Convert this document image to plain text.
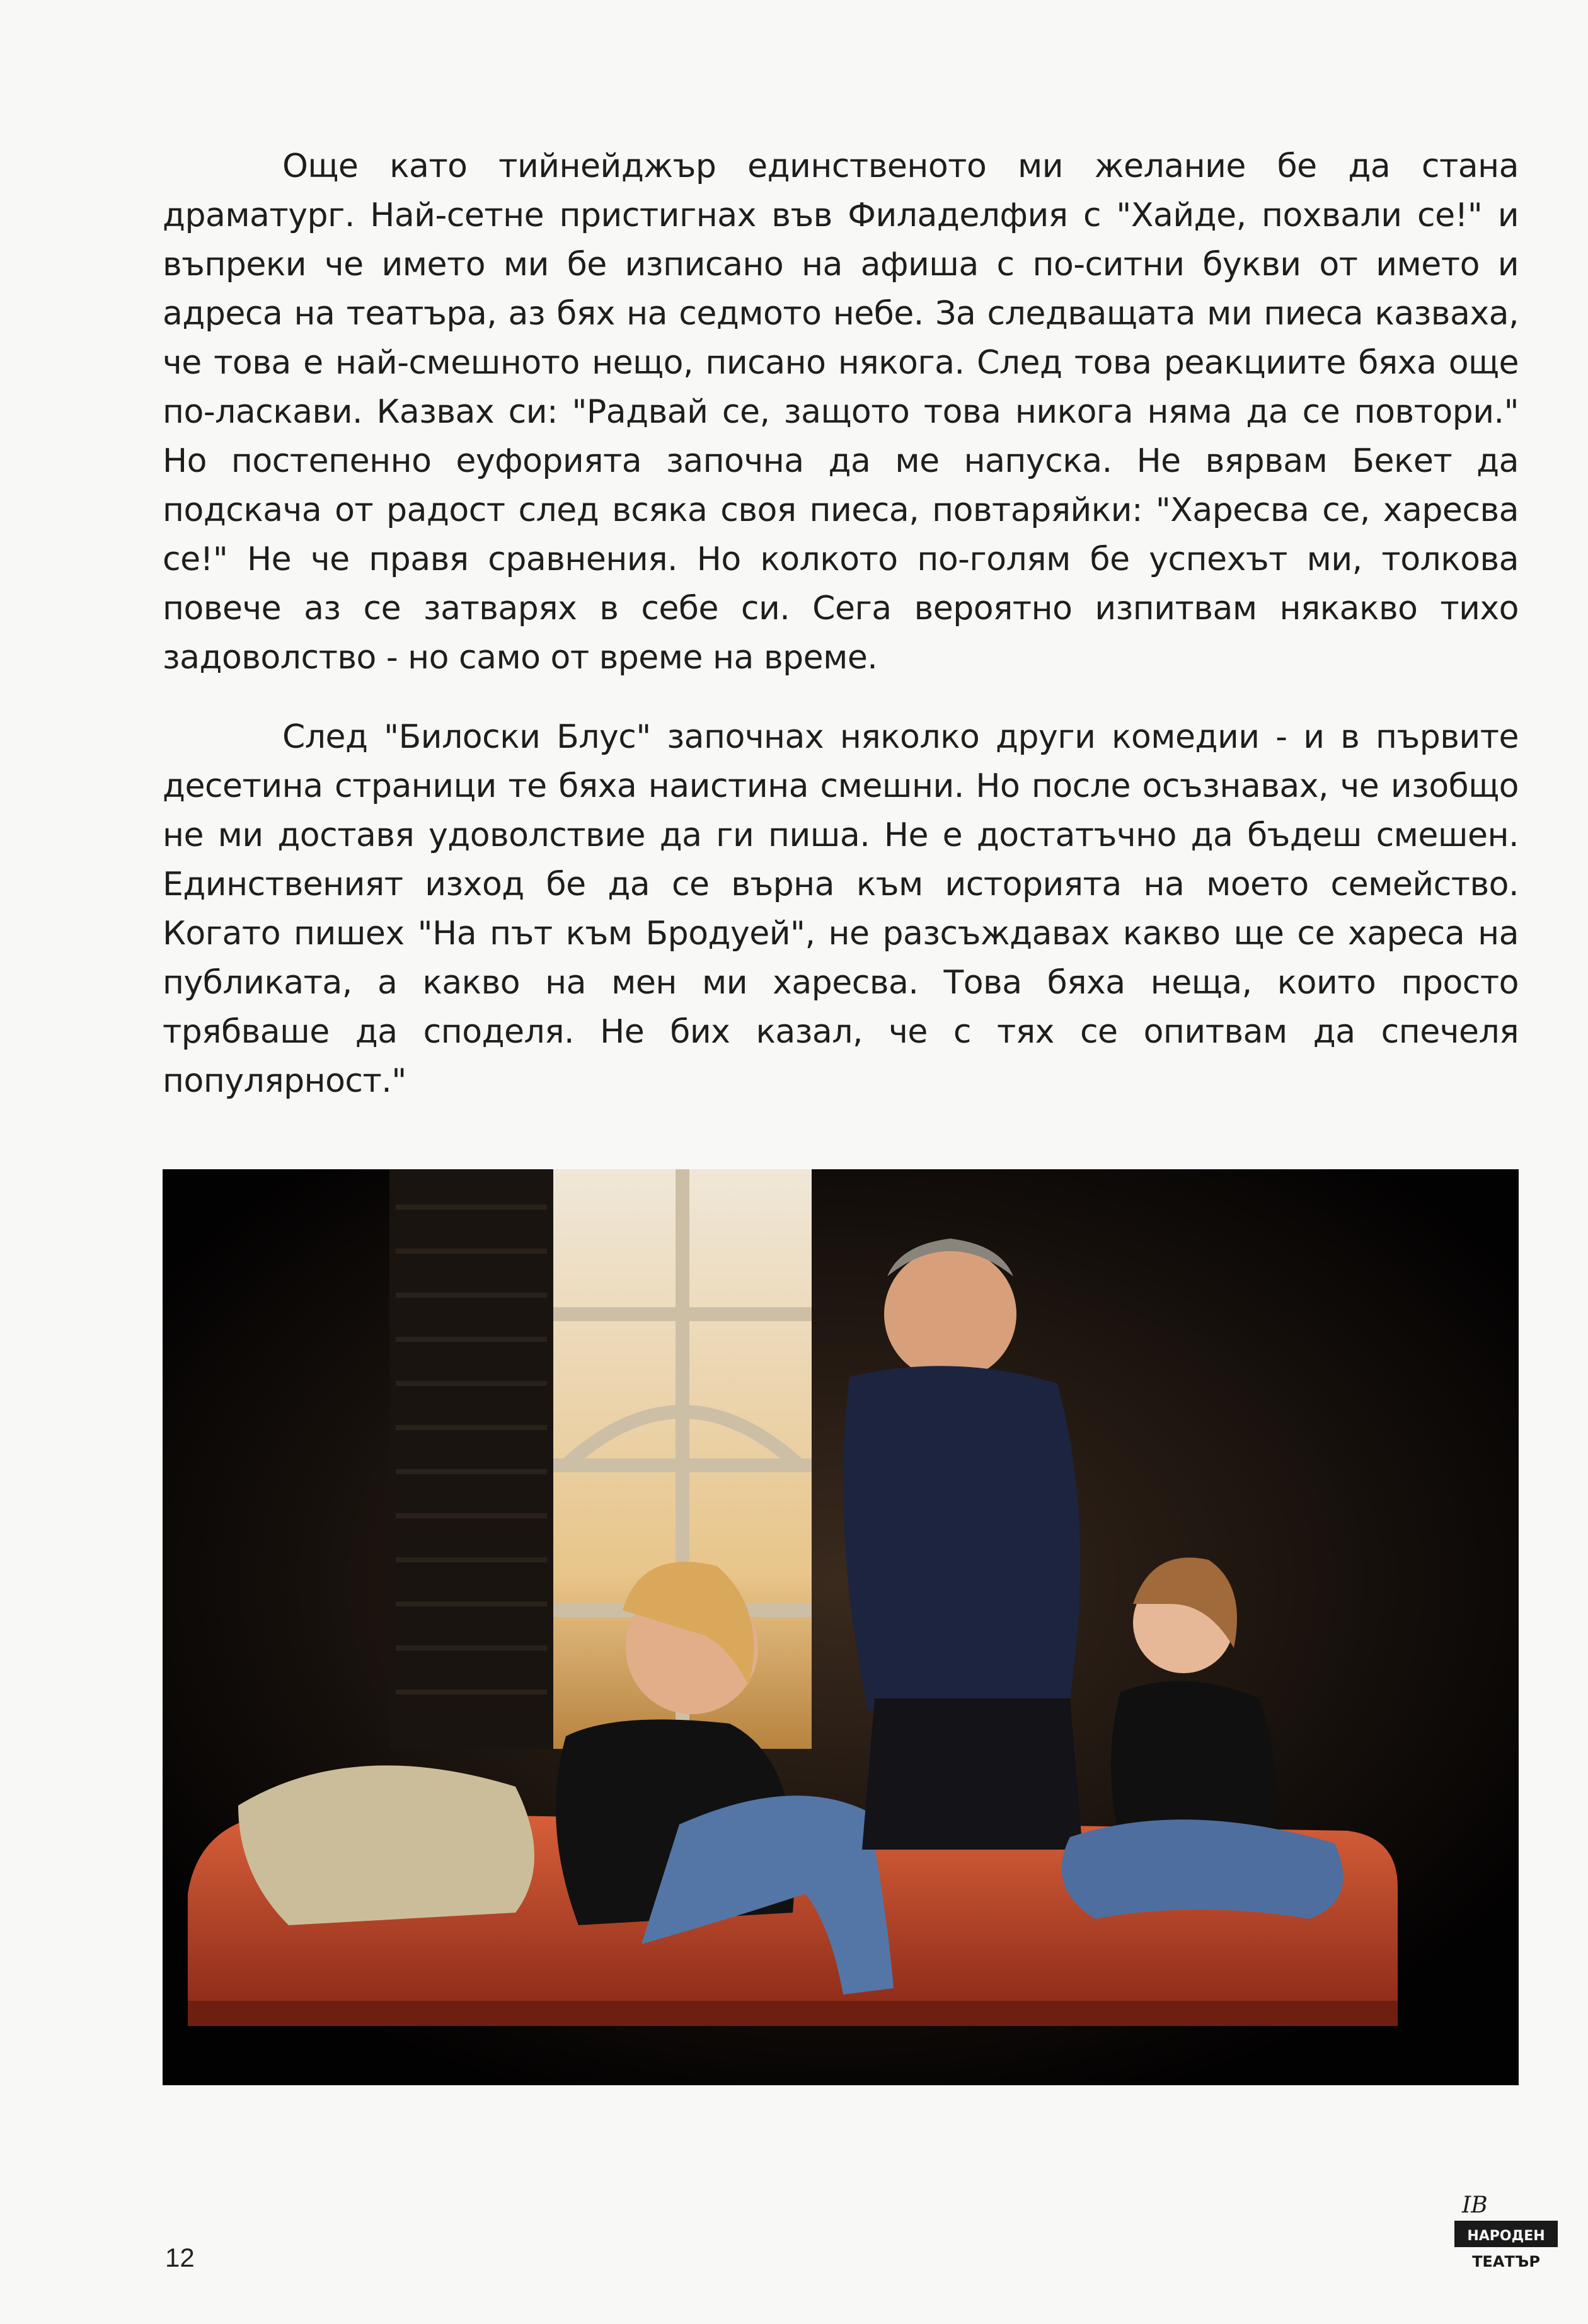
Още като тийнейджър единственото ми желание бе да стана драматург. Най-сетне пристигнах във Филаделфия с "Хайде, похвали се!" и въпреки че името ми бе изписано на афиша с по-ситни букви от името и адреса на театъра, аз бях на седмото небе. За следващата ми пиеса казваха, че това е най-смешното нещо, писано някога. След това реакциите бяха още по-ласкави. Казвах си: "Радвай се, защото това никога няма да се повтори." Но постепенно еуфорията започна да ме напуска. Не вярвам Бекет да подскача от радост след всяка своя пиеса, повтаряйки: "Харесва се, харесва се!" Не че правя сравнения. Но колкото по-голям бе успехът ми, толкова повече аз се затварях в себе си. Сега вероятно изпитвам някакво тихо задоволство - но само от време на време.

След "Билоски Блус" започнах няколко други комедии - и в първите десетина страници те бяха наистина смешни. Но после осъзнавах, че изобщо не ми доставя удоволствие да ги пиша. Не е достатъчно да бъдеш смешен. Единственият изход бе да се върна към историята на моето семейство. Когато пишех "На път към Бродуей", не разсъждавах какво ще се хареса на публиката, а какво на мен ми харесва. Това бяха неща, които просто трябваше да споделя. Не бих казал, че с тях се опитвам да спечеля популярност."

12
IB
НАРОДЕН
ТЕАТЪР
